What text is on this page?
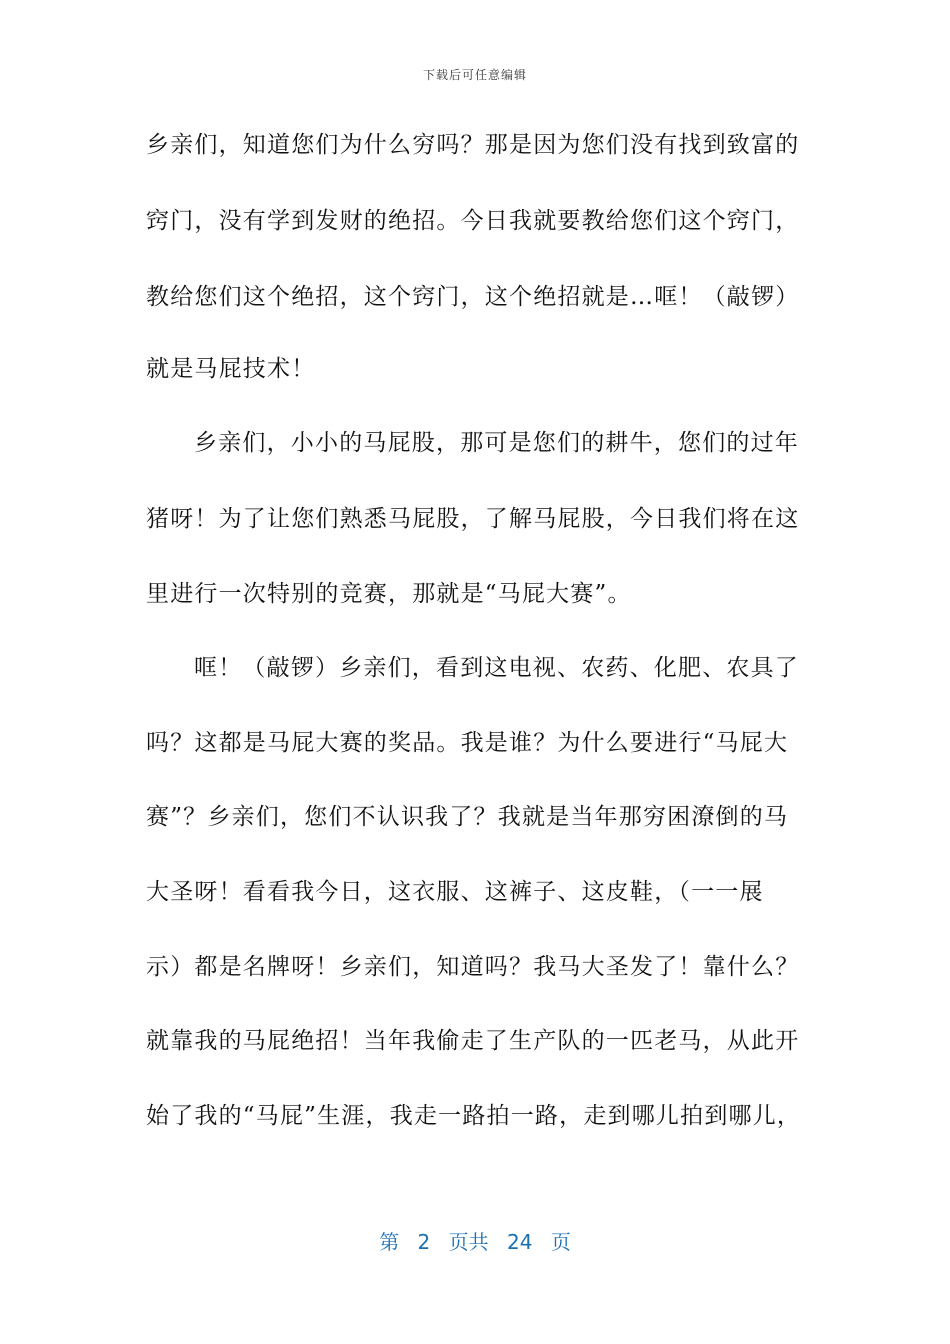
下载后可任意编辑
乡亲们，知道您们为什么穷吗？那是因为您们没有找到致富的
窍门，没有学到发财的绝招。今日我就要教给您们这个窍门，
教给您们这个绝招，这个窍门，这个绝招就是…哐！（敲锣）
就是马屁技术！
乡亲们，小小的马屁股，那可是您们的耕牛，您们的过年
猪呀！为了让您们熟悉马屁股，了解马屁股，今日我们将在这
里进行一次特别的竞赛，那就是“马屁大赛”。
哐！（敲锣）乡亲们，看到这电视、农药、化肥、农具了
吗？这都是马屁大赛的奖品。我是谁？为什么要进行“马屁大
赛”？乡亲们，您们不认识我了？我就是当年那穷困潦倒的马
大圣呀！看看我今日，这衣服、这裤子、这皮鞋，（一一展
示）都是名牌呀！乡亲们，知道吗？我马大圣发了！靠什么？
就靠我的马屁绝招！当年我偷走了生产队的一匹老马，从此开
始了我的“马屁”生涯，我走一路拍一路，走到哪儿拍到哪儿，
第 2 页共 24 页
